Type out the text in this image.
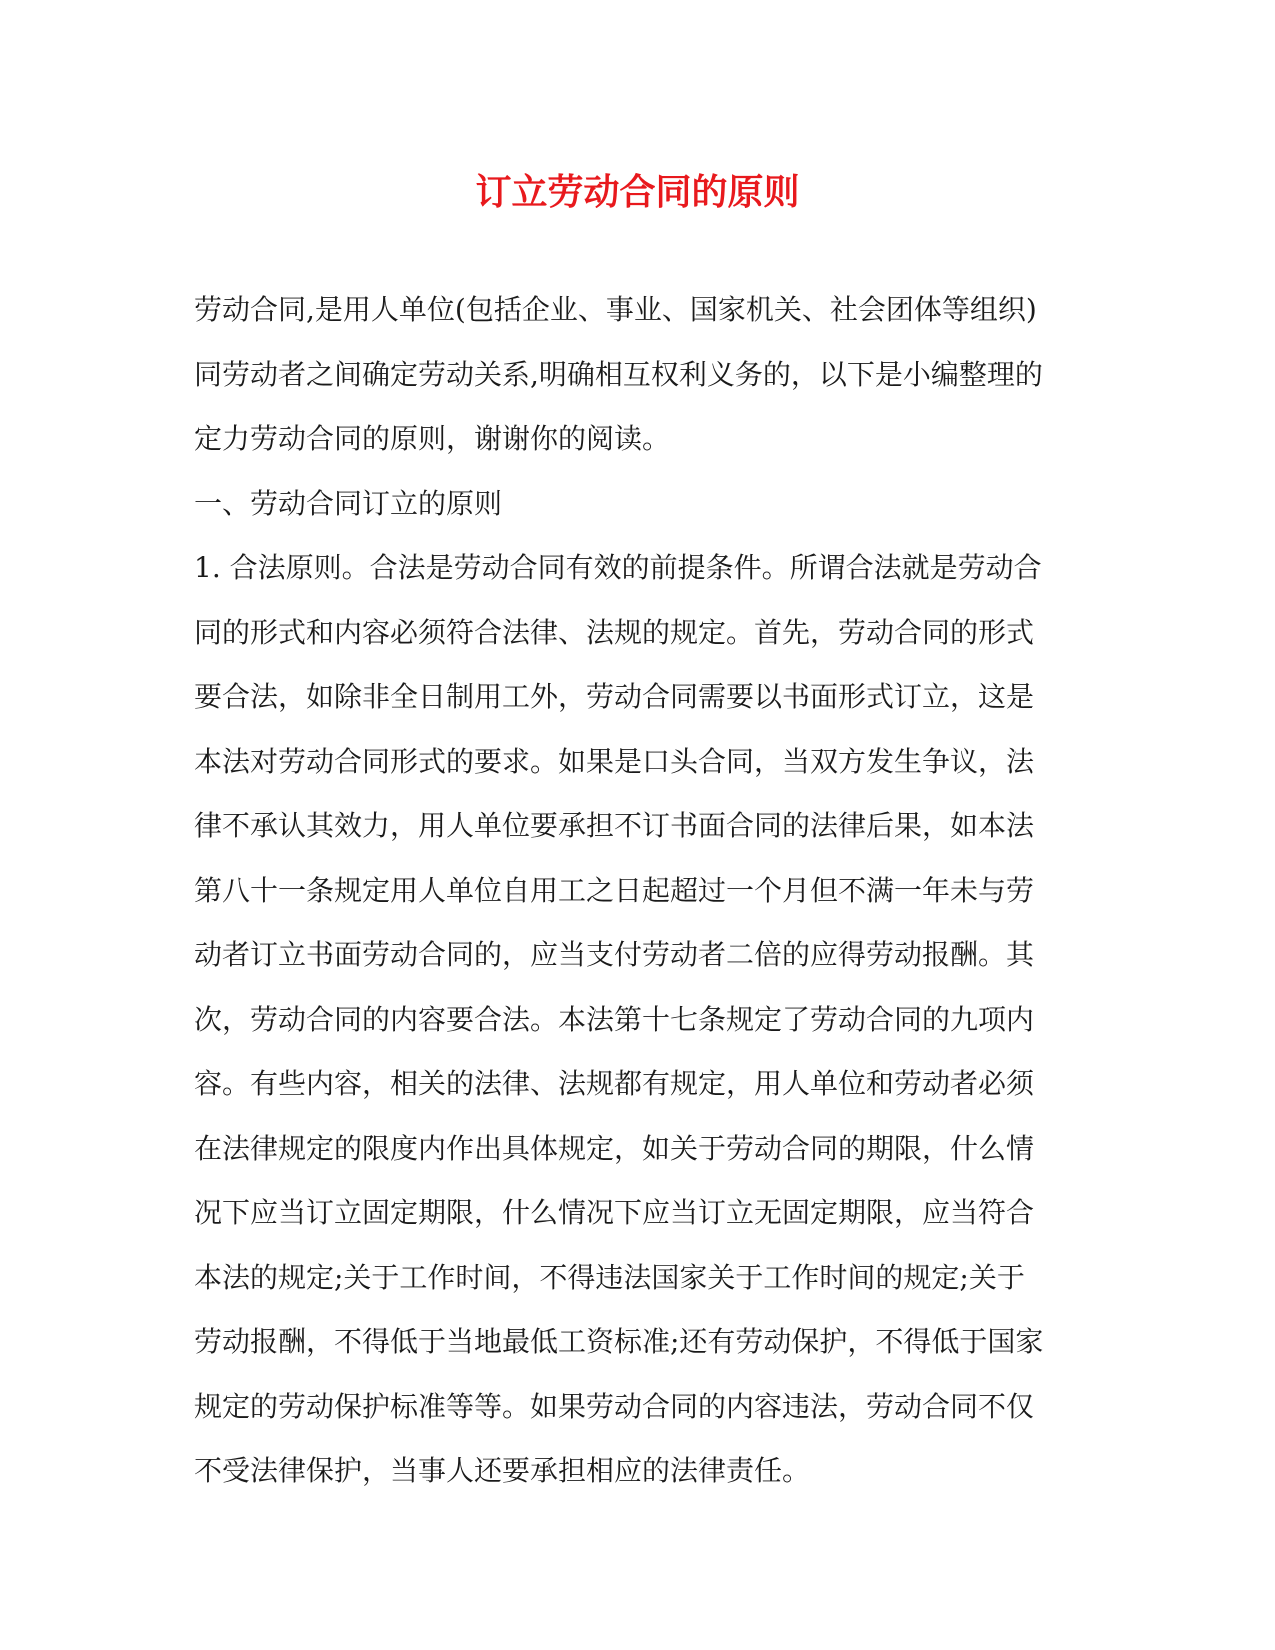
订立劳动合同的原则
劳动合同,是用人单位(包括企业、事业、国家机关、社会团体等组织)
同劳动者之间确定劳动关系,明确相互权利义务的，以下是小编整理的
定力劳动合同的原则，谢谢你的阅读。
一、劳动合同订立的原则
1. 合法原则。合法是劳动合同有效的前提条件。所谓合法就是劳动合
同的形式和内容必须符合法律、法规的规定。首先，劳动合同的形式
要合法，如除非全日制用工外，劳动合同需要以书面形式订立，这是
本法对劳动合同形式的要求。如果是口头合同，当双方发生争议，法
律不承认其效力，用人单位要承担不订书面合同的法律后果，如本法
第八十一条规定用人单位自用工之日起超过一个月但不满一年未与劳
动者订立书面劳动合同的，应当支付劳动者二倍的应得劳动报酬。其
次，劳动合同的内容要合法。本法第十七条规定了劳动合同的九项内
容。有些内容，相关的法律、法规都有规定，用人单位和劳动者必须
在法律规定的限度内作出具体规定，如关于劳动合同的期限，什么情
况下应当订立固定期限，什么情况下应当订立无固定期限，应当符合
本法的规定;关于工作时间，不得违法国家关于工作时间的规定;关于
劳动报酬，不得低于当地最低工资标准;还有劳动保护，不得低于国家
规定的劳动保护标准等等。如果劳动合同的内容违法，劳动合同不仅
不受法律保护，当事人还要承担相应的法律责任。
